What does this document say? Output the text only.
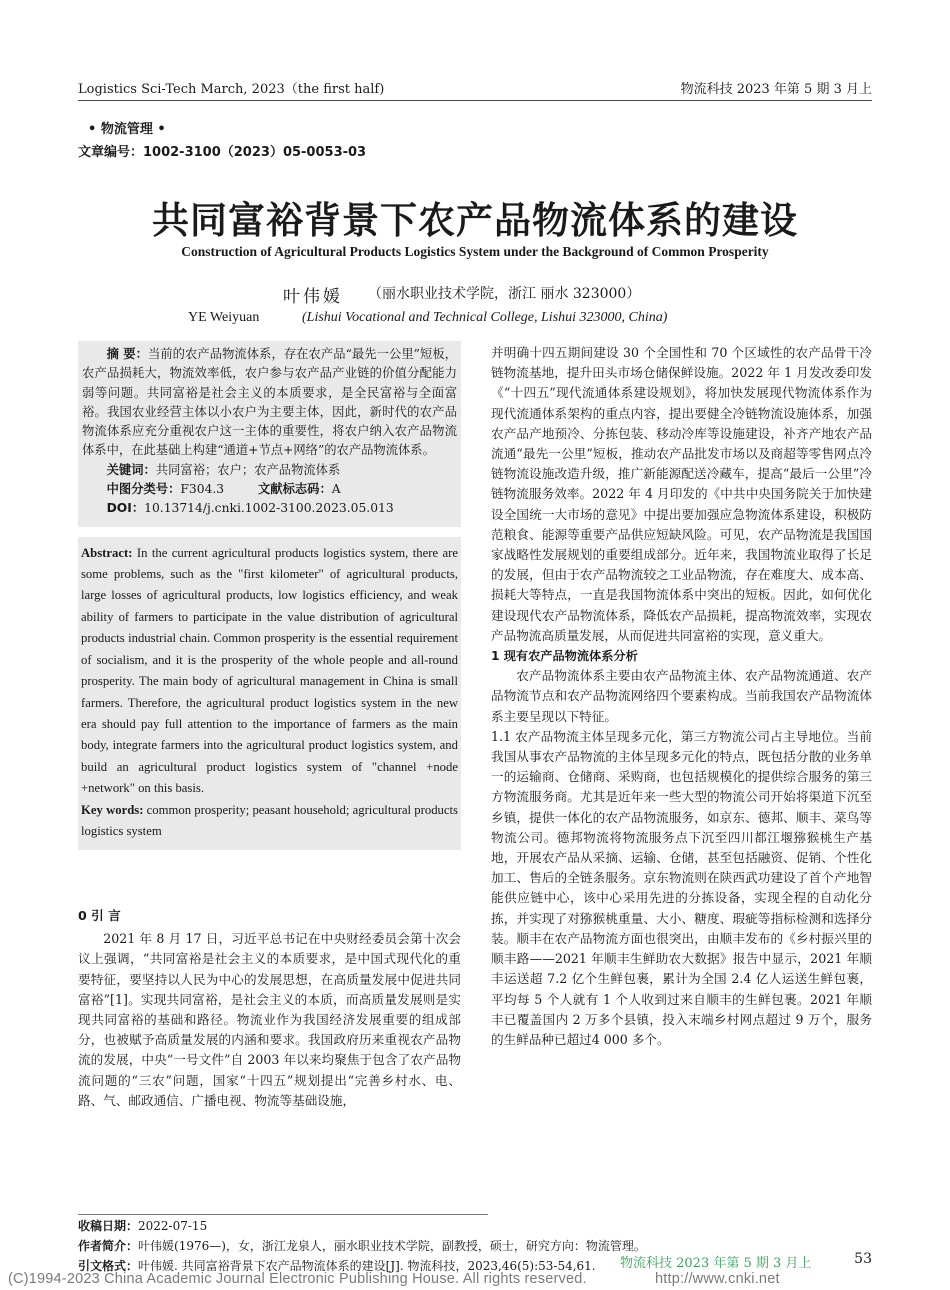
Logistics Sci-Tech March, 2023（the first half)	物流科技 2023 年第 5 期 3 月上
• 物流管理 •
文章编号：1002-3100（2023）05-0053-03
共同富裕背景下农产品物流体系的建设
Construction of Agricultural Products Logistics System under the Background of Common Prosperity
叶伟媛 （丽水职业技术学院，浙江 丽水 323000）
YE Weiyuan	(Lishui Vocational and Technical College, Lishui 323000, China)

摘 要：当前的农产品物流体系，存在农产品“最先一公里”短板，农产品损耗大，物流效率低，农户参与农产品产业链的价值分配能力弱等问题。共同富裕是社会主义的本质要求，是全民富裕与全面富裕。我国农业经营主体以小农户为主要主体，因此，新时代的农产品物流体系应充分重视农户这一主体的重要性，将农户纳入农产品物流体系中，在此基础上构建“通道+节点+网络”的农产品物流体系。

关键词：共同富裕；农户；农产品物流体系

中图分类号：F304.3	文献标志码：A

DOI：10.13714/j.cnki.1002-3100.2023.05.013

Abstract: In the current agricultural products logistics system, there are some problems, such as the "first kilometer" of agricultural products, large losses of agricultural products, low logistics efficiency, and weak ability of farmers to participate in the value distribution of agricultural products industrial chain. Common prosperity is the essential requirement of socialism, and it is the prosperity of the whole people and all-round prosperity. The main body of agricultural management in China is small farmers. Therefore, the agricultural product logistics system in the new era should pay full attention to the importance of farmers as the main body, integrate farmers into the agricultural product logistics system, and build an agricultural product logistics system of "channel +node +network" on this basis.
Key words: common prosperity; peasant household; agricultural products logistics system

0 引 言

2021 年 8 月 17 日，习近平总书记在中央财经委员会第十次会议上强调，“共同富裕是社会主义的本质要求，是中国式现代化的重要特征，要坚持以人民为中心的发展思想，在高质量发展中促进共同富裕”[1]。实现共同富裕，是社会主义的本质，而高质量发展则是实现共同富裕的基础和路径。物流业作为我国经济发展重要的组成部分，也被赋予高质量发展的内涵和要求。我国政府历来重视农产品物流的发展，中央“一号文件”自 2003 年以来均聚焦于包含了农产品物流问题的“三农”问题，国家“十四五”规划提出“完善乡村水、电、路、气、邮政通信、广播电视、物流等基础设施，

并明确十四五期间建设 30 个全国性和 70 个区域性的农产品骨干冷链物流基地，提升田头市场仓储保鲜设施。2022 年 1 月发改委印发《“十四五”现代流通体系建设规划》，将加快发展现代物流体系作为现代流通体系架构的重点内容，提出要健全冷链物流设施体系，加强农产品产地预冷、分拣包装、移动冷库等设施建设，补齐产地农产品流通“最先一公里”短板，推动农产品批发市场以及商超等零售网点冷链物流设施改造升级，推广新能源配送冷藏车，提高“最后一公里”冷链物流服务效率。2022 年 4 月印发的《中共中央国务院关于加快建设全国统一大市场的意见》中提出要加强应急物流体系建设，积极防范粮食、能源等重要产品供应短缺风险。可见，农产品物流是我国国家战略性发展规划的重要组成部分。近年来，我国物流业取得了长足的发展，但由于农产品物流较之工业品物流，存在难度大、成本高、损耗大等特点，一直是我国物流体系中突出的短板。因此，如何优化建设现代农产品物流体系，降低农产品损耗，提高物流效率，实现农产品物流高质量发展，从而促进共同富裕的实现，意义重大。

1 现有农产品物流体系分析

农产品物流体系主要由农产品物流主体、农产品物流通道、农产品物流节点和农产品物流网络四个要素构成。当前我国农产品物流体系主要呈现以下特征。

1.1 农产品物流主体呈现多元化，第三方物流公司占主导地位。当前我国从事农产品物流的主体呈现多元化的特点，既包括分散的业务单一的运输商、仓储商、采购商，也包括规模化的提供综合服务的第三方物流服务商。尤其是近年来一些大型的物流公司开始将渠道下沉至乡镇，提供一体化的农产品物流服务，如京东、德邦、顺丰、菜鸟等物流公司。德邦物流将物流服务点下沉至四川都江堰猕猴桃生产基地，开展农产品从采摘、运输、仓储，甚至包括融资、促销、个性化加工、售后的全链条服务。京东物流则在陕西武功建设了首个产地智能供应链中心，该中心采用先进的分拣设备，实现全程的自动化分拣，并实现了对猕猴桃重量、大小、糖度、瑕疵等指标检测和选择分装。顺丰在农产品物流方面也很突出，由顺丰发布的《乡村振兴里的顺丰路——2021 年顺丰生鲜助农大数据》报告中显示，2021 年顺丰运送超 7.2 亿个生鲜包裹，累计为全国 2.4 亿人运送生鲜包裹，平均每 5 个人就有 1 个人收到过来自顺丰的生鲜包裹。2021 年顺丰已覆盖国内 2 万多个县镇，投入末端乡村网点超过 9 万个，服务的生鲜品种已超过4 000 多个。

收稿日期：2022-07-15
作者简介：叶伟媛(1976—)，女，浙江龙泉人，丽水职业技术学院，副教授，硕士，研究方向：物流管理。
引文格式：叶伟媛. 共同富裕背景下农产品物流体系的建设[J]. 物流科技，2023,46(5):53-54,61.	物流科技 2023 年第 5 期 3 月上	53
(C)1994-2023 China Academic Journal Electronic Publishing House. All rights reserved.	http://www.cnki.net
